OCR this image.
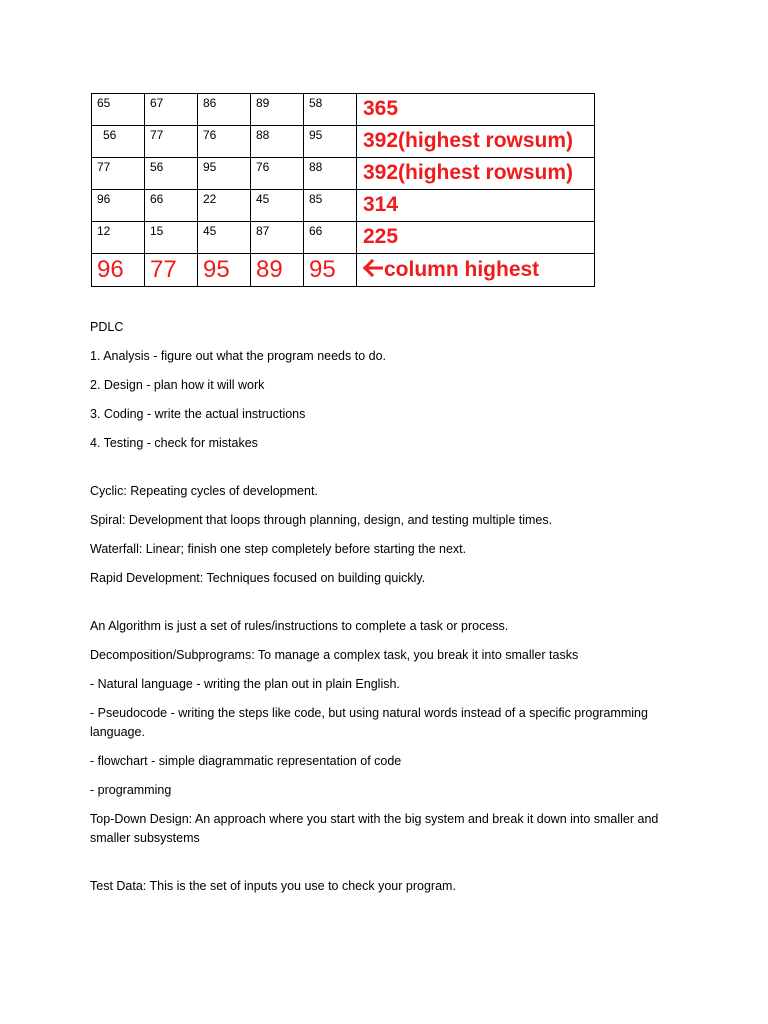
65	67	86	89	58	365
56	77	76	88	95	392(highest rowsum)
77	56	95	76	88	392(highest rowsum)
96	66	22	45	85	314
12	15	45	87	66	225
96	77	95	89	95	column highest

PDLC

1. Analysis - figure out what the program needs to do.

2. Design - plan how it will work

3. Coding - write the actual instructions

4. Testing - check for mistakes

Cyclic: Repeating cycles of development.

Spiral: Development that loops through planning, design, and testing multiple times.

Waterfall: Linear; finish one step completely before starting the next.

Rapid Development: Techniques focused on building quickly.

An Algorithm is just a set of rules/instructions to complete a task or process.

Decomposition/Subprograms: To manage a complex task, you break it into smaller tasks

- Natural language - writing the plan out in plain English.

- Pseudocode - writing the steps like code, but using natural words instead of a specific programming language.

- flowchart - simple diagrammatic representation of code

- programming

Top-Down Design: An approach where you start with the big system and break it down into smaller and smaller subsystems

Test Data: This is the set of inputs you use to check your program.
